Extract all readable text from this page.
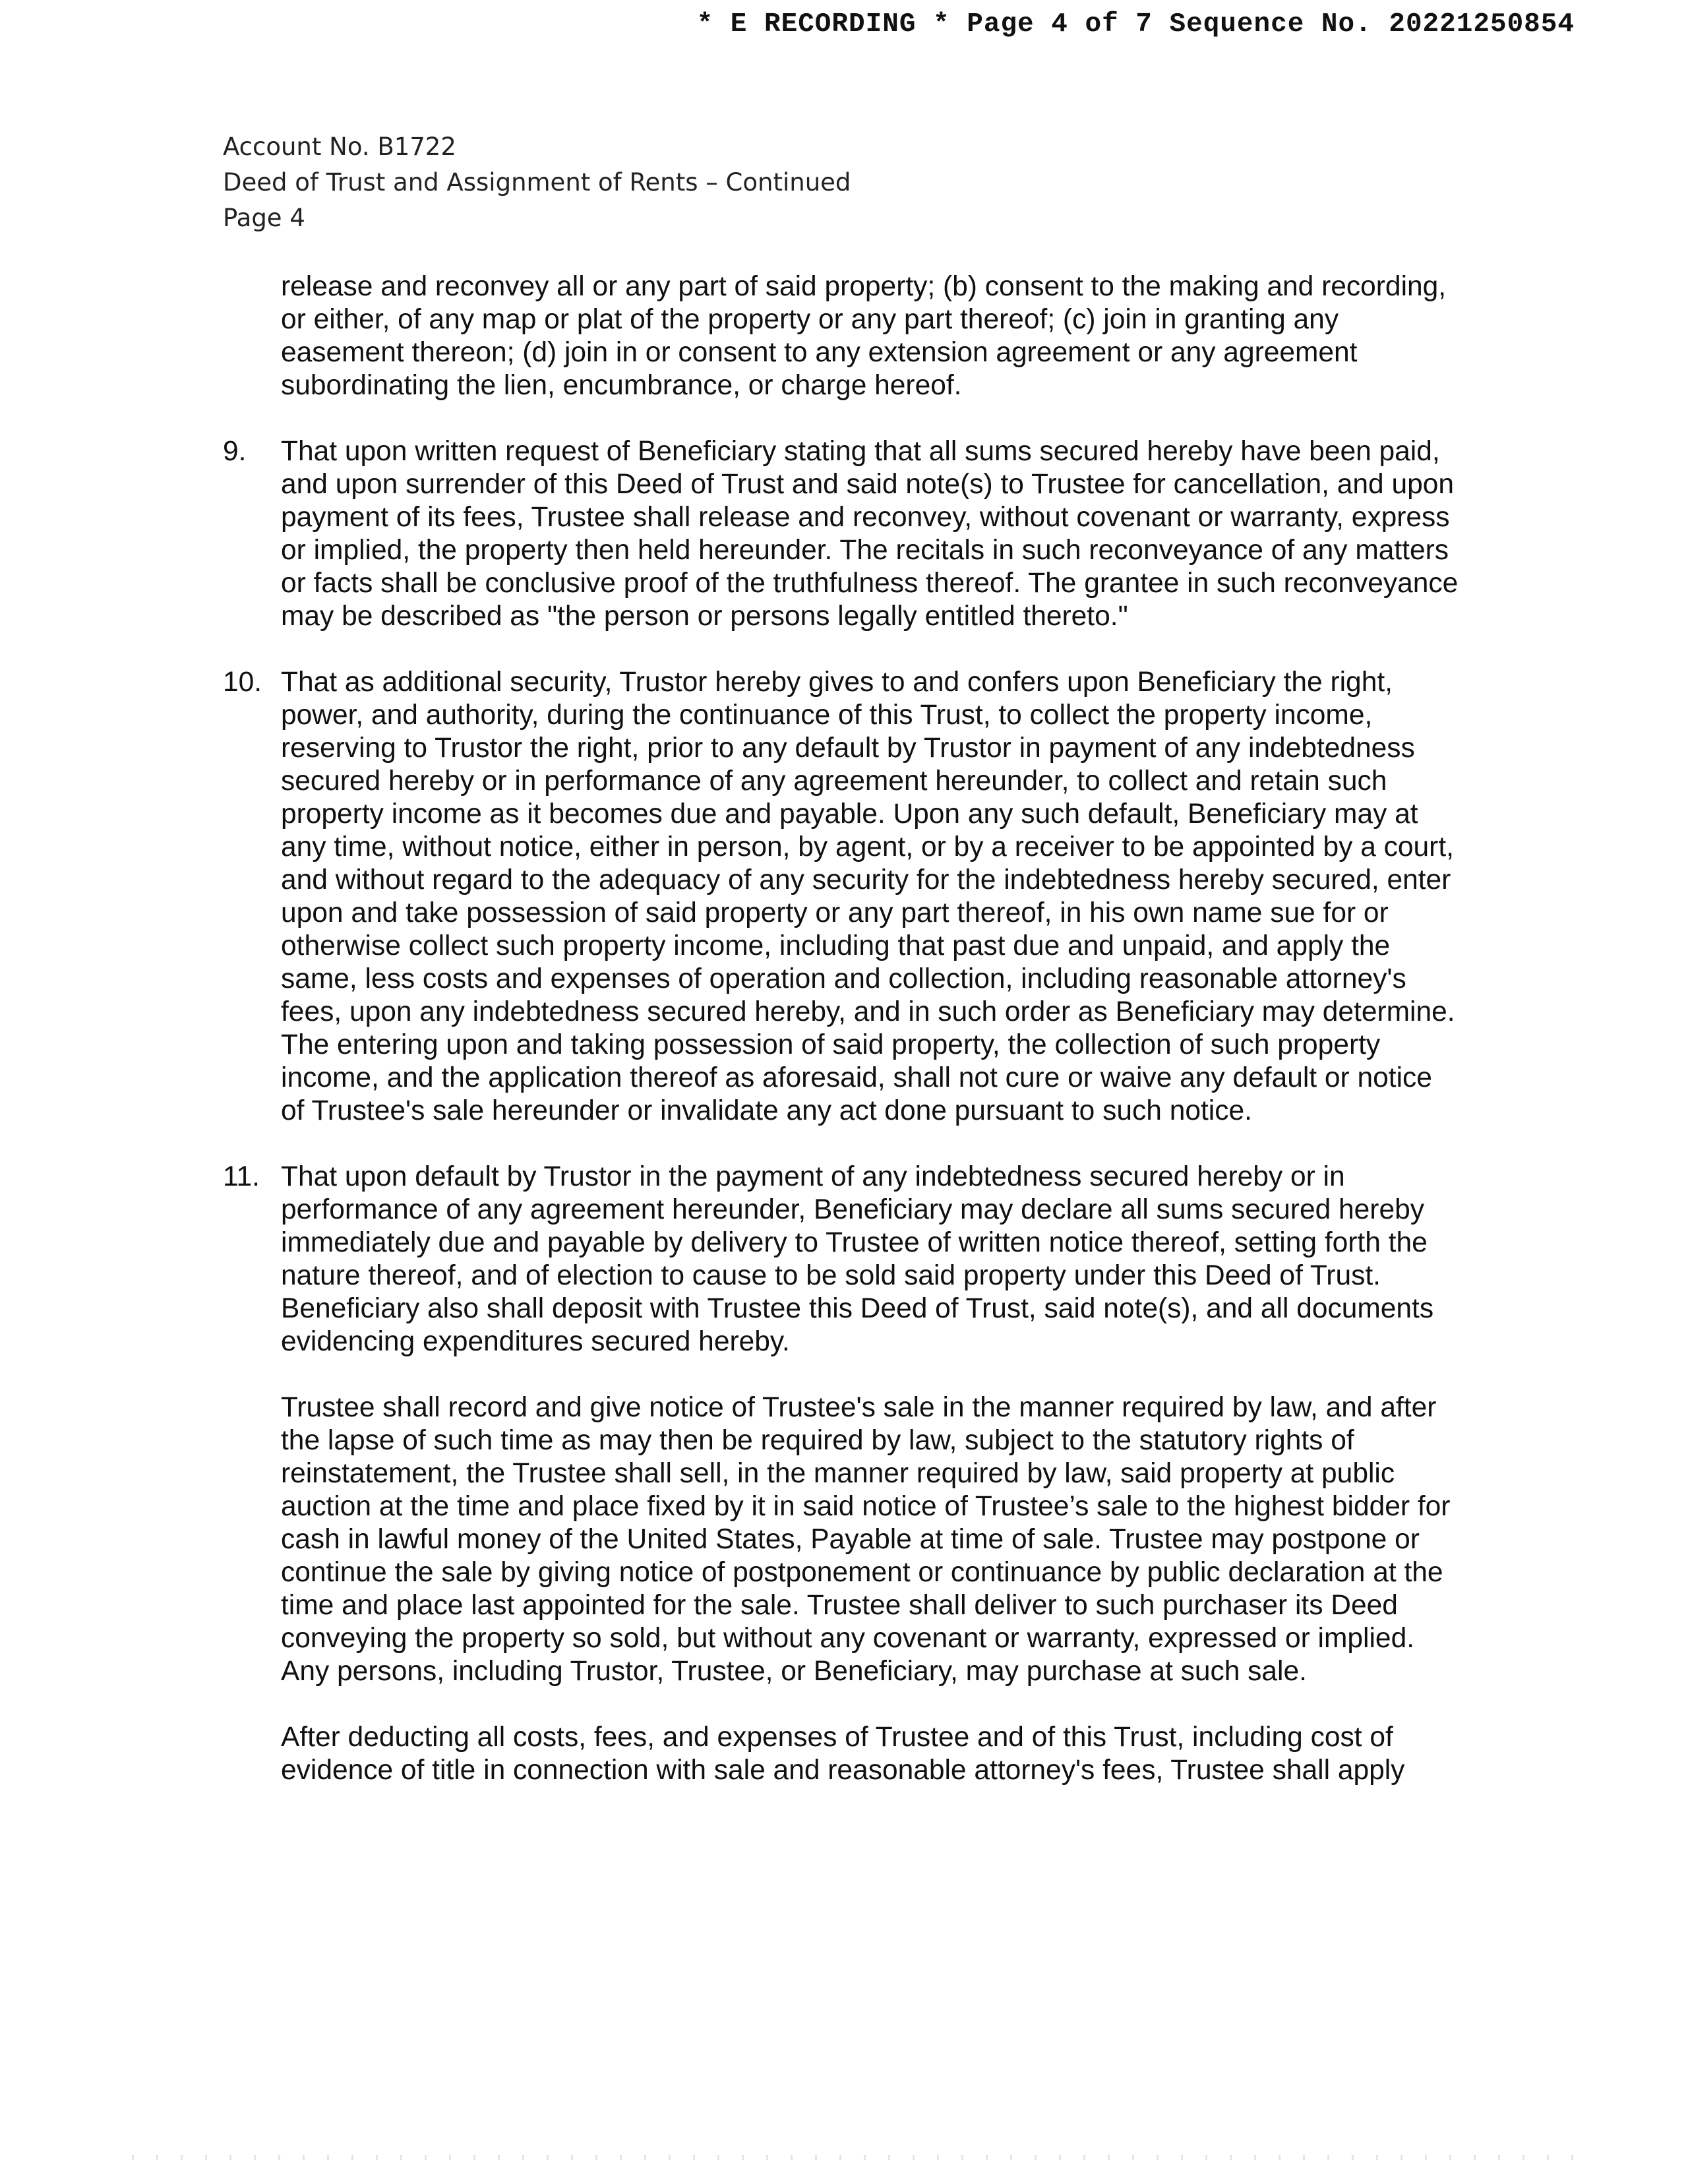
* E RECORDING * Page 4 of 7 Sequence No. 20221250854
Account No. B1722
Deed of Trust and Assignment of Rents – Continued
Page 4

release and reconvey all or any part of said property; (b) consent to the making and recording, or either, of any map or plat of the property or any part thereof; (c) join in granting any easement thereon; (d) join in or consent to any extension agreement or any agreement subordinating the lien, encumbrance, or charge hereof.

9. That upon written request of Beneficiary stating that all sums secured hereby have been paid, and upon surrender of this Deed of Trust and said note(s) to Trustee for cancellation, and upon payment of its fees, Trustee shall release and reconvey, without covenant or warranty, express or implied, the property then held hereunder. The recitals in such reconveyance of any matters or facts shall be conclusive proof of the truthfulness thereof. The grantee in such reconveyance may be described as "the person or persons legally entitled thereto."

10. That as additional security, Trustor hereby gives to and confers upon Beneficiary the right, power, and authority, during the continuance of this Trust, to collect the property income, reserving to Trustor the right, prior to any default by Trustor in payment of any indebtedness secured hereby or in performance of any agreement hereunder, to collect and retain such property income as it becomes due and payable. Upon any such default, Beneficiary may at any time, without notice, either in person, by agent, or by a receiver to be appointed by a court, and without regard to the adequacy of any security for the indebtedness hereby secured, enter upon and take possession of said property or any part thereof, in his own name sue for or otherwise collect such property income, including that past due and unpaid, and apply the same, less costs and expenses of operation and collection, including reasonable attorney's fees, upon any indebtedness secured hereby, and in such order as Beneficiary may determine. The entering upon and taking possession of said property, the collection of such property income, and the application thereof as aforesaid, shall not cure or waive any default or notice of Trustee's sale hereunder or invalidate any act done pursuant to such notice.

11. That upon default by Trustor in the payment of any indebtedness secured hereby or in performance of any agreement hereunder, Beneficiary may declare all sums secured hereby immediately due and payable by delivery to Trustee of written notice thereof, setting forth the nature thereof, and of election to cause to be sold said property under this Deed of Trust. Beneficiary also shall deposit with Trustee this Deed of Trust, said note(s), and all documents evidencing expenditures secured hereby.

Trustee shall record and give notice of Trustee's sale in the manner required by law, and after the lapse of such time as may then be required by law, subject to the statutory rights of reinstatement, the Trustee shall sell, in the manner required by law, said property at public auction at the time and place fixed by it in said notice of Trustee’s sale to the highest bidder for cash in lawful money of the United States, Payable at time of sale. Trustee may postpone or continue the sale by giving notice of postponement or continuance by public declaration at the time and place last appointed for the sale. Trustee shall deliver to such purchaser its Deed conveying the property so sold, but without any covenant or warranty, expressed or implied. Any persons, including Trustor, Trustee, or Beneficiary, may purchase at such sale.

After deducting all costs, fees, and expenses of Trustee and of this Trust, including cost of evidence of title in connection with sale and reasonable attorney's fees, Trustee shall apply
